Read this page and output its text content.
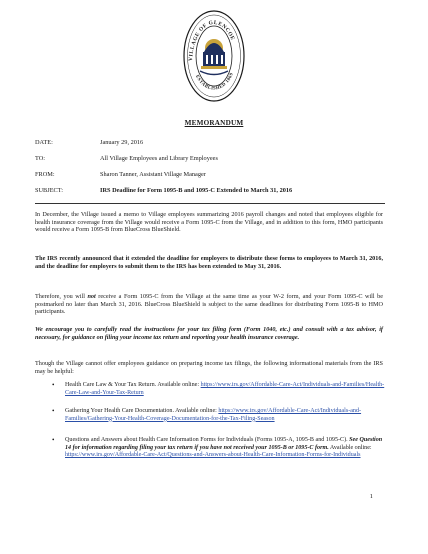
VILLAGE OF GLENCOE
ESTABLISHED 1869
MEMORANDUM
DATE:	January 29, 2016
TO:	All Village Employees and Library Employees
FROM:	Sharon Tanner, Assistant Village Manager
SUBJECT:	IRS Deadline for Form 1095-B and 1095-C Extended to March 31, 2016
In December, the Village issued a memo to Village employees summarizing 2016 payroll changes and noted that employees eligible for health insurance coverage from the Village would receive a Form 1095-C from the Village, and in addition to this form, HMO participants would receive a Form 1095-B from BlueCross BlueShield.
The IRS recently announced that it extended the deadline for employers to distribute these forms to employees to March 31, 2016, and the deadline for employers to submit them to the IRS has been extended to May 31, 2016.
Therefore, you will not receive a Form 1095-C from the Village at the same time as your W-2 form, and your Form 1095-C will be postmarked no later than March 31, 2016. BlueCross BlueShield is subject to the same deadlines for distributing Form 1095-B to HMO participants.
We encourage you to carefully read the instructions for your tax filing form (Form 1040, etc.) and consult with a tax advisor, if necessary, for guidance on filing your income tax return and reporting your health insurance coverage.
Though the Village cannot offer employees guidance on preparing income tax filings, the following informational materials from the IRS may be helpful:
• Health Care Law & Your Tax Return. Available online: https://www.irs.gov/Affordable-Care-Act/Individuals-and-Families/Health-Care-Law-and-Your-Tax-Return
• Gathering Your Health Care Documentation. Available online: https://www.irs.gov/Affordable-Care-Act/Individuals-and-Families/Gathering-Your-Health-Coverage-Documentation-for-the-Tax-Filing-Season
• Questions and Answers about Health Care Information Forms for Individuals (Forms 1095-A, 1095-B and 1095-C). See Question 14 for information regarding filing your tax return if you have not received your 1095-B or 1095-C form. Available online: https://www.irs.gov/Affordable-Care-Act/Questions-and-Answers-about-Health-Care-Information-Forms-for-Individuals
1
